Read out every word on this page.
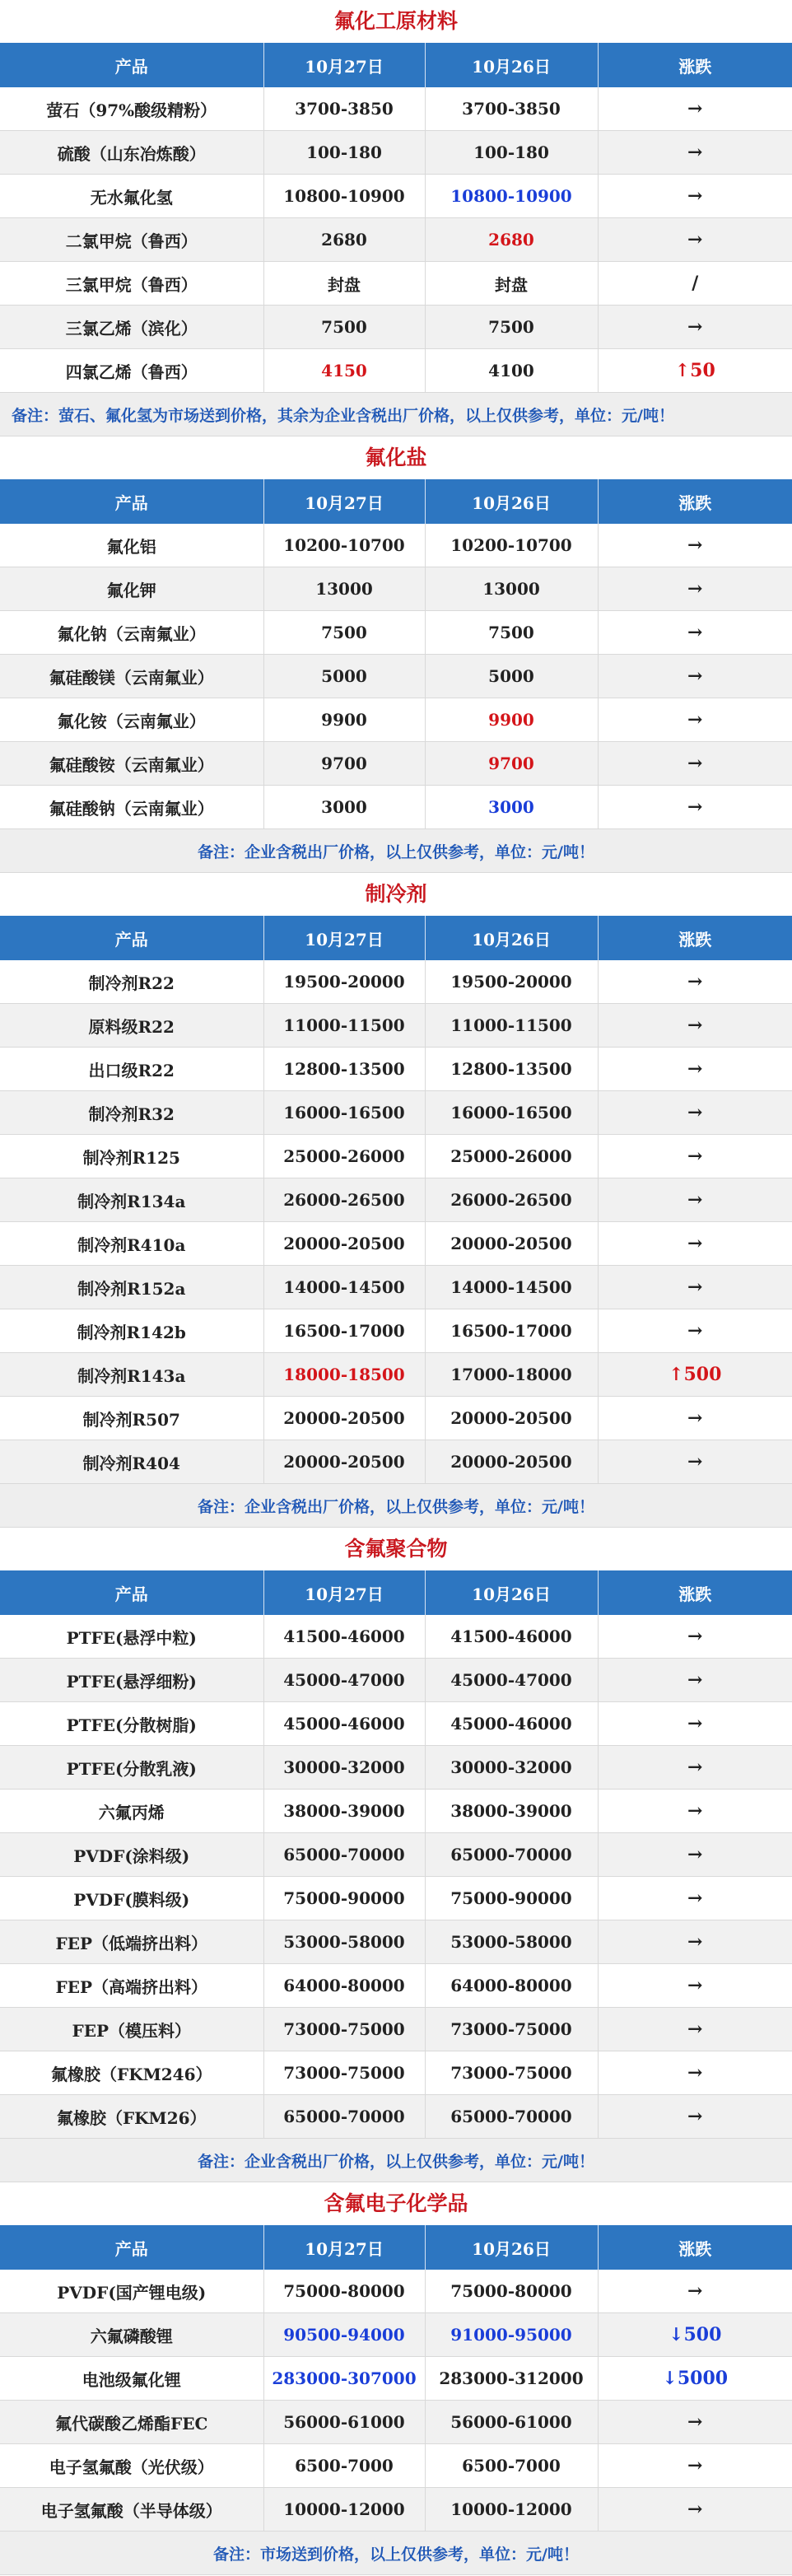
氟化工原材料
产品	10月27日	10月26日	涨跌
萤石（97%酸级精粉）	3700-3850	3700-3850	→
硫酸（山东冶炼酸）	100-180	100-180	→
无水氟化氢	10800-10900	10800-10900	→
二氯甲烷（鲁西）	2680	2680	→
三氯甲烷（鲁西）	封盘	封盘	/
三氯乙烯（滨化）	7500	7500	→
四氯乙烯（鲁西）	4150	4100	↑50
备注：萤石、氟化氢为市场送到价格，其余为企业含税出厂价格，以上仅供参考，单位：元/吨！			
氟化盐
产品	10月27日	10月26日	涨跌
氟化铝	10200-10700	10200-10700	→
氟化钾	13000	13000	→
氟化钠（云南氟业）	7500	7500	→
氟硅酸镁（云南氟业）	5000	5000	→
氟化铵（云南氟业）	9900	9900	→
氟硅酸铵（云南氟业）	9700	9700	→
氟硅酸钠（云南氟业）	3000	3000	→
备注：企业含税出厂价格，以上仅供参考，单位：元/吨！			
制冷剂
产品	10月27日	10月26日	涨跌
制冷剂R22	19500-20000	19500-20000	→
原料级R22	11000-11500	11000-11500	→
出口级R22	12800-13500	12800-13500	→
制冷剂R32	16000-16500	16000-16500	→
制冷剂R125	25000-26000	25000-26000	→
制冷剂R134a	26000-26500	26000-26500	→
制冷剂R410a	20000-20500	20000-20500	→
制冷剂R152a	14000-14500	14000-14500	→
制冷剂R142b	16500-17000	16500-17000	→
制冷剂R143a	18000-18500	17000-18000	↑500
制冷剂R507	20000-20500	20000-20500	→
制冷剂R404	20000-20500	20000-20500	→
备注：企业含税出厂价格，以上仅供参考，单位：元/吨！			
含氟聚合物
产品	10月27日	10月26日	涨跌
PTFE(悬浮中粒)	41500-46000	41500-46000	→
PTFE(悬浮细粉)	45000-47000	45000-47000	→
PTFE(分散树脂)	45000-46000	45000-46000	→
PTFE(分散乳液)	30000-32000	30000-32000	→
六氟丙烯	38000-39000	38000-39000	→
PVDF(涂料级)	65000-70000	65000-70000	→
PVDF(膜料级)	75000-90000	75000-90000	→
FEP（低端挤出料）	53000-58000	53000-58000	→
FEP（高端挤出料）	64000-80000	64000-80000	→
FEP（模压料）	73000-75000	73000-75000	→
氟橡胶（FKM246）	73000-75000	73000-75000	→
氟橡胶（FKM26）	65000-70000	65000-70000	→
备注：企业含税出厂价格，以上仅供参考，单位：元/吨！			
含氟电子化学品
产品	10月27日	10月26日	涨跌
PVDF(国产锂电级)	75000-80000	75000-80000	→
六氟磷酸锂	90500-94000	91000-95000	↓500
电池级氟化锂	283000-307000	283000-312000	↓5000
氟代碳酸乙烯酯FEC	56000-61000	56000-61000	→
电子氢氟酸（光伏级）	6500-7000	6500-7000	→
电子氢氟酸（半导体级）	10000-12000	10000-12000	→
备注：市场送到价格，以上仅供参考，单位：元/吨！			
